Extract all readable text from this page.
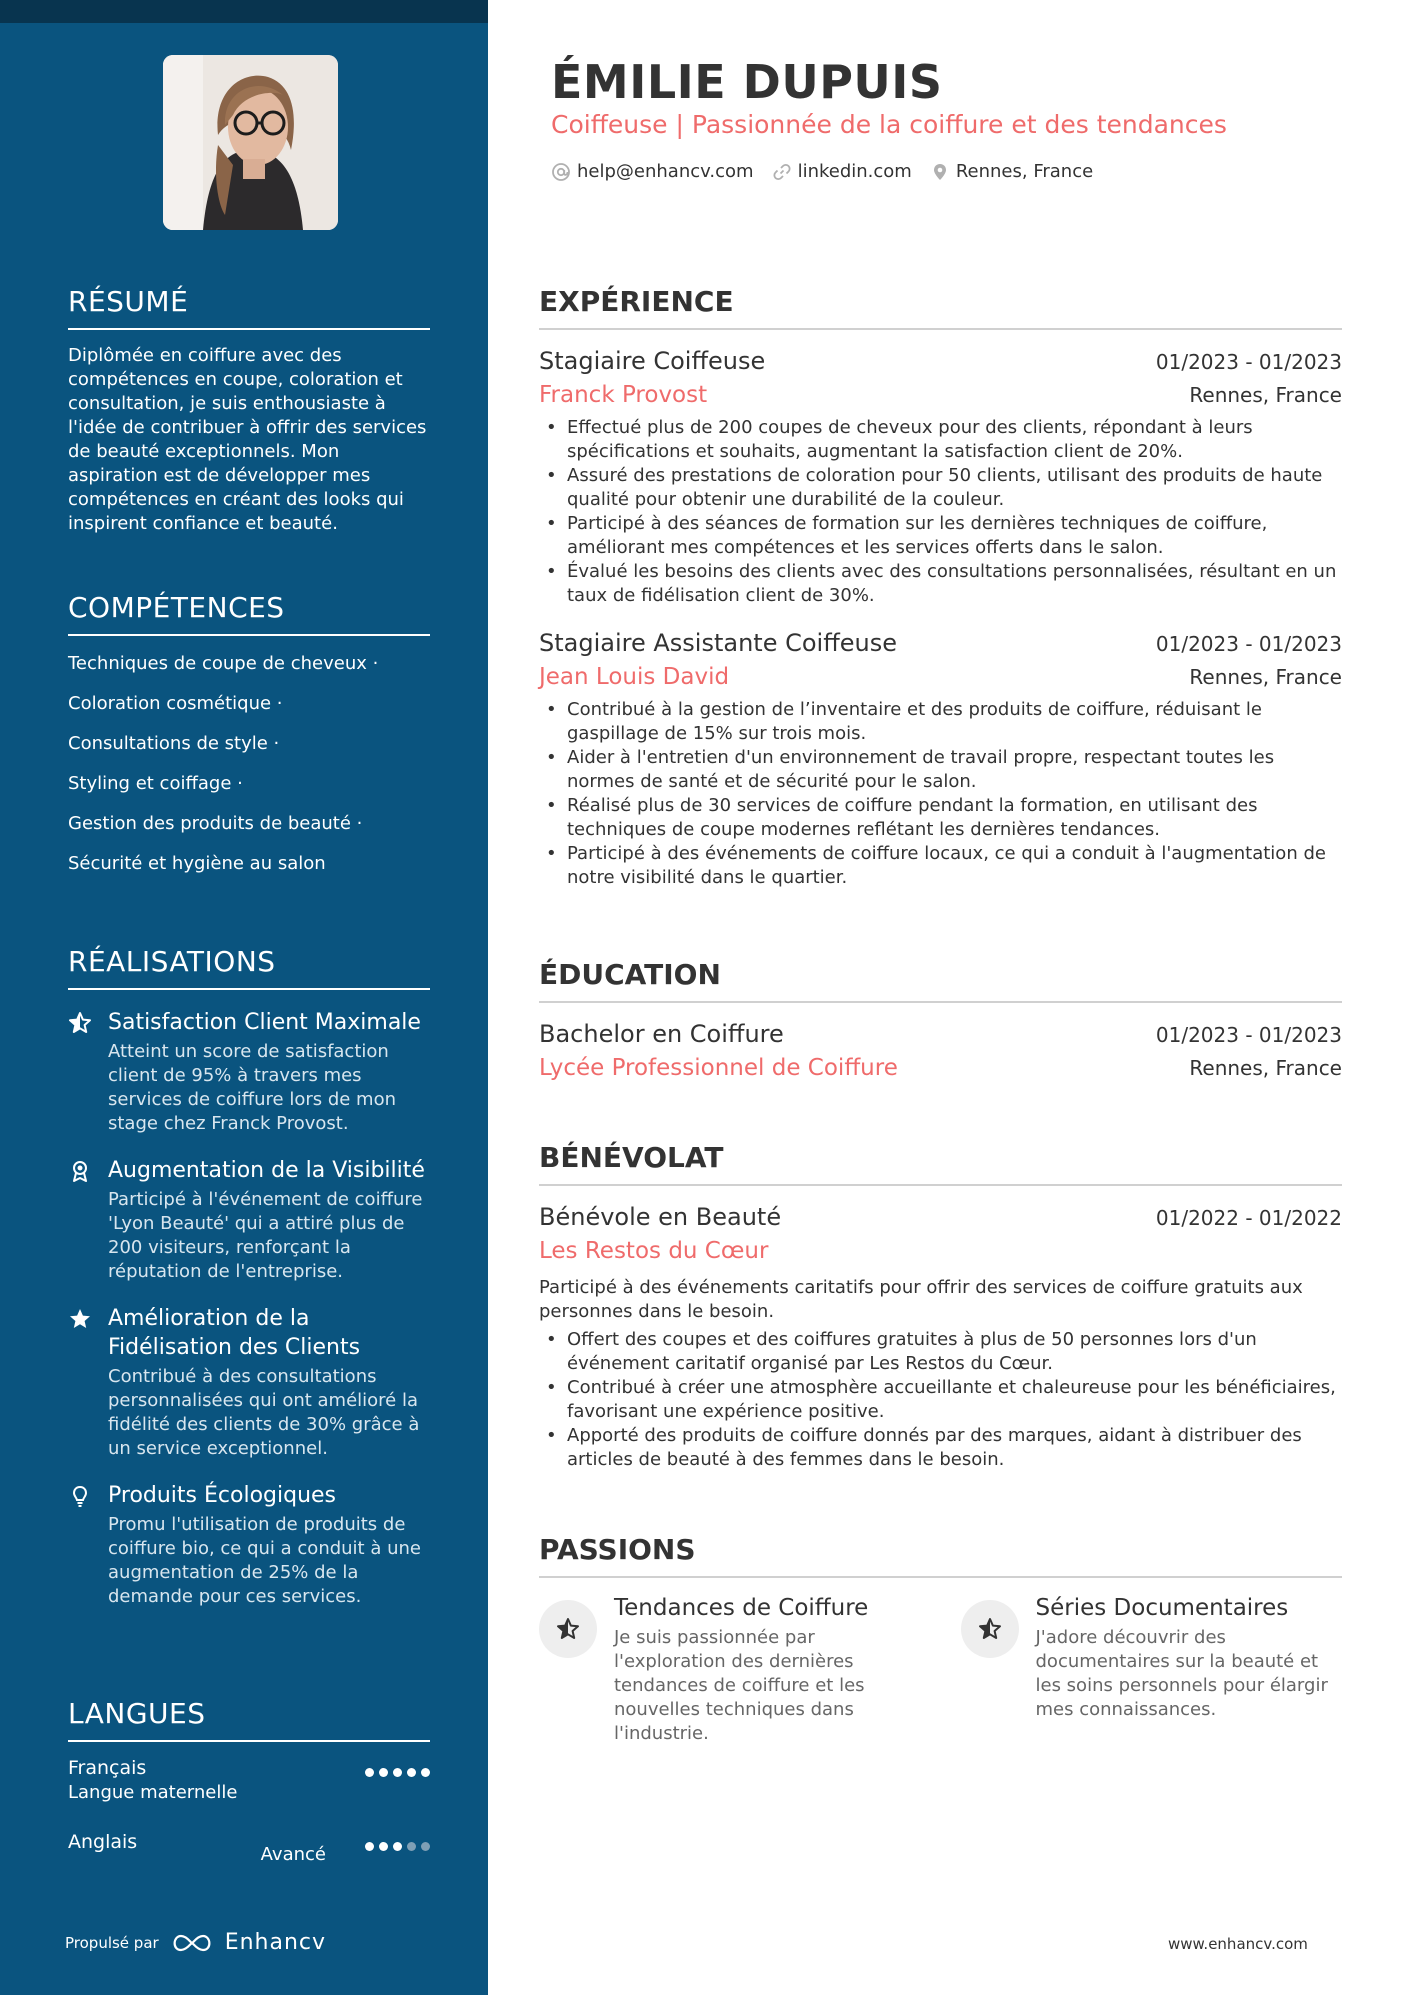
RÉSUMÉ

Diplômée en coiffure avec des compétences en coupe, coloration et consultation, je suis enthousiaste à l'idée de contribuer à offrir des services de beauté exceptionnels. Mon aspiration est de développer mes compétences en créant des looks qui inspirent confiance et beauté.

COMPÉTENCES
Techniques de coupe de cheveux ·
Coloration cosmétique ·
Consultations de style ·
Styling et coiffage ·
Gestion des produits de beauté ·
Sécurité et hygiène au salon
RÉALISATIONS
Satisfaction Client Maximale
Atteint un score de satisfaction client de 95% à travers mes services de coiffure lors de mon stage chez Franck Provost.
Augmentation de la Visibilité
Participé à l'événement de coiffure 'Lyon Beauté' qui a attiré plus de 200 visiteurs, renforçant la réputation de l'entreprise.
Amélioration de la Fidélisation des Clients
Contribué à des consultations personnalisées qui ont amélioré la fidélité des clients de 30% grâce à un service exceptionnel.
Produits Écologiques
Promu l'utilisation de produits de coiffure bio, ce qui a conduit à une augmentation de 25% de la demande pour ces services.
LANGUES
Français
Langue maternelle
Anglais
Avancé
Propulsé par	Enhancv
ÉMILIE DUPUIS
Coiffeuse | Passionnée de la coiffure et des tendances
help@enhancv.com linkedin.com Rennes, France
EXPÉRIENCE
Stagiaire Coiffeuse	01/2023 - 01/2023
Franck Provost	Rennes, France
• Effectué plus de 200 coupes de cheveux pour des clients, répondant à leurs spécifications et souhaits, augmentant la satisfaction client de 20%.
• Assuré des prestations de coloration pour 50 clients, utilisant des produits de haute qualité pour obtenir une durabilité de la couleur.
• Participé à des séances de formation sur les dernières techniques de coiffure, améliorant mes compétences et les services offerts dans le salon.
• Évalué les besoins des clients avec des consultations personnalisées, résultant en un taux de fidélisation client de 30%.
Stagiaire Assistante Coiffeuse	01/2023 - 01/2023
Jean Louis David	Rennes, France
• Contribué à la gestion de l’inventaire et des produits de coiffure, réduisant le gaspillage de 15% sur trois mois.
• Aider à l'entretien d'un environnement de travail propre, respectant toutes les normes de santé et de sécurité pour le salon.
• Réalisé plus de 30 services de coiffure pendant la formation, en utilisant des techniques de coupe modernes reflétant les dernières tendances.
• Participé à des événements de coiffure locaux, ce qui a conduit à l'augmentation de notre visibilité dans le quartier.
ÉDUCATION
Bachelor en Coiffure	01/2023 - 01/2023
Lycée Professionnel de Coiffure	Rennes, France
BÉNÉVOLAT
Bénévole en Beauté	01/2022 - 01/2022
Les Restos du Cœur

Participé à des événements caritatifs pour offrir des services de coiffure gratuits aux personnes dans le besoin.

• Offert des coupes et des coiffures gratuites à plus de 50 personnes lors d'un événement caritatif organisé par Les Restos du Cœur.
• Contribué à créer une atmosphère accueillante et chaleureuse pour les bénéficiaires, favorisant une expérience positive.
• Apporté des produits de coiffure donnés par des marques, aidant à distribuer des articles de beauté à des femmes dans le besoin.
PASSIONS
Tendances de Coiffure
Je suis passionnée par l'exploration des dernières tendances de coiffure et les nouvelles techniques dans l'industrie.
Séries Documentaires
J'adore découvrir des documentaires sur la beauté et les soins personnels pour élargir mes connaissances.
www.enhancv.com
